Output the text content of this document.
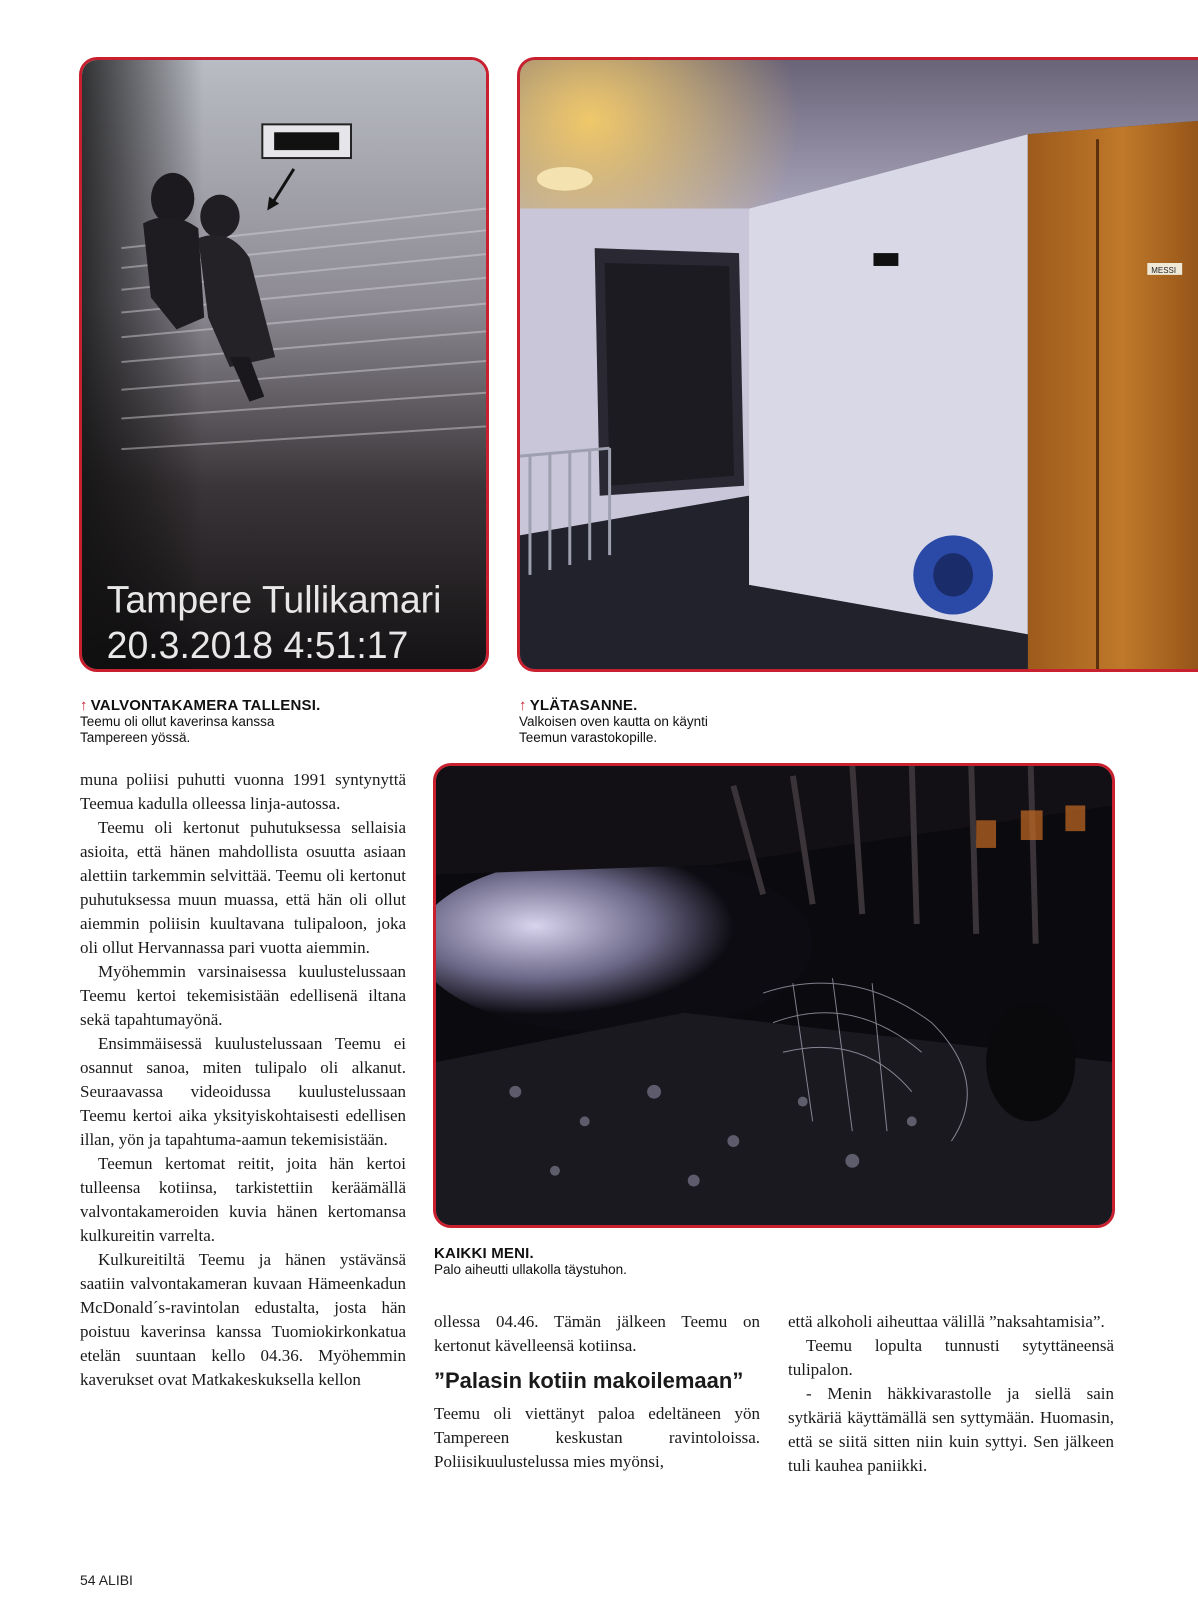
Tampere Tullikamari
20.3.2018 4:51:17
MESSI
↑ VALVONTAKAMERA TALLENSI.
Teemu oli ollut kaverinsa kanssa
Tampereen yössä.
↑ YLÄTASANNE.
Valkoisen oven kautta on käynti
Teemun varastokopille.
KAIKKI MENI.
Palo aiheutti ullakolla täystuhon.

muna poliisi puhutti vuonna 1991 syntynyttä Teemua kadulla olleessa linja-autossa.

Teemu oli kertonut puhutuksessa sellaisia asioita, että hänen mahdollista osuutta asiaan alettiin tarkemmin selvittää. Teemu oli kertonut puhutuksessa muun muassa, että hän oli ollut aiemmin poliisin kuultavana tulipaloon, joka oli ollut Hervannassa pari vuotta aiemmin.

Myöhemmin varsinaisessa kuulustelussaan Teemu kertoi tekemisistään edellisenä iltana sekä tapahtumayönä.

Ensimmäisessä kuulustelussaan Teemu ei osannut sanoa, miten tulipalo oli alkanut. Seuraavassa videoidussa kuulustelussaan Teemu kertoi aika yksityiskohtaisesti edellisen illan, yön ja tapahtuma-aamun tekemisistään.

Teemun kertomat reitit, joita hän kertoi tulleensa kotiinsa, tarkistettiin keräämällä valvontakameroiden kuvia hänen kertomansa kulkureitin varrelta.

Kulkureitiltä Teemu ja hänen ystävänsä saatiin valvontakameran kuvaan Hämeenkadun McDonald´s-ravintolan edustalta, josta hän poistuu kaverinsa kanssa Tuomiokirkonkatua etelän suuntaan kello 04.36. Myöhemmin kaverukset ovat Matkakeskuksella kellon

ollessa 04.46. Tämän jälkeen Teemu on kertonut kävelleensä kotiinsa.

”Palasin kotiin makoilemaan”

Teemu oli viettänyt paloa edeltäneen yön Tampereen keskustan ravintoloissa. Poliisikuulustelussa mies myönsi,

että alkoholi aiheuttaa välillä ”naksahtamisia”.

Teemu lopulta tunnusti sytyttäneensä tulipalon.

- Menin häkkivarastolle ja siellä sain sytkäriä käyttämällä sen syttymään. Huomasin, että se siitä sitten niin kuin syttyi. Sen jälkeen tuli kauhea paniikki.

54 ALIBI
